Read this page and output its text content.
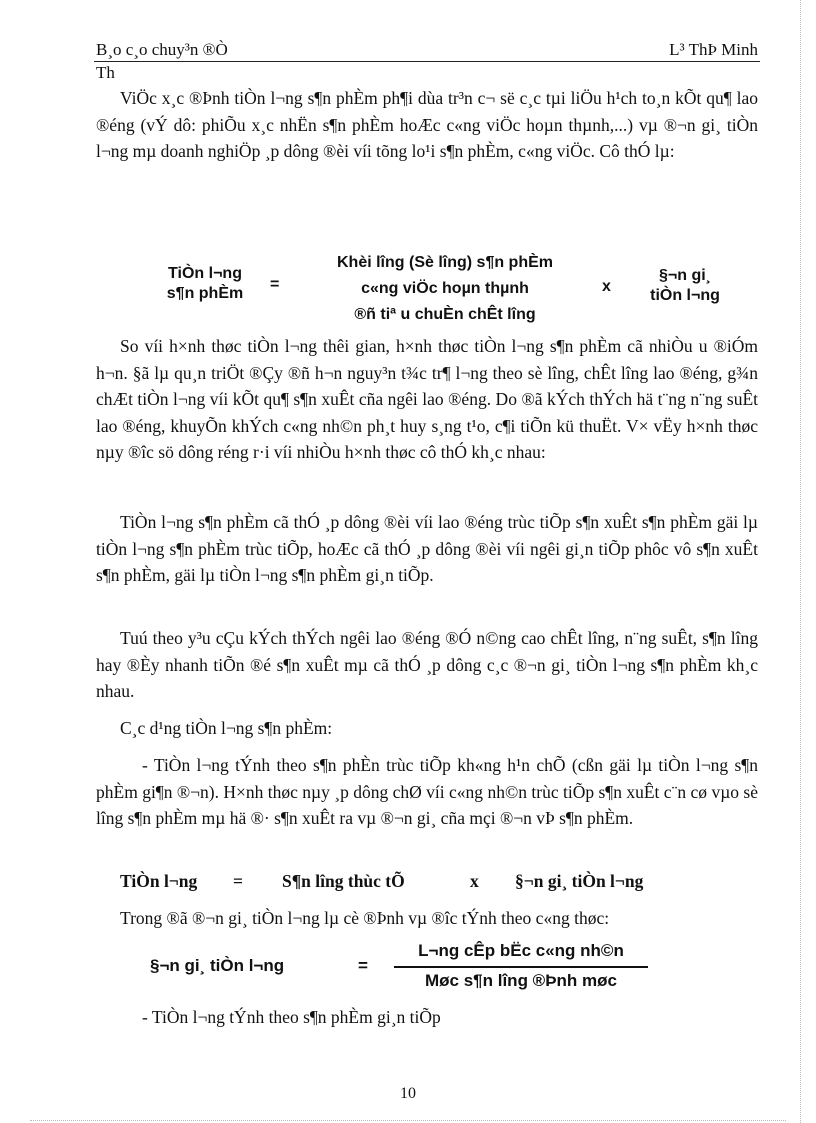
B¸o c¸o chuy³n ®Ò	L³ ThÞ Minh
Th
ViÖc x¸c ®Þnh tiÒn l¬ng s¶n phÈm ph¶i dùa tr³n c¬ së c¸c tµi liÖu h¹ch to¸n kÕt qu¶ lao ®éng (vÝ dô: phiÕu x¸c nhËn s¶n phÈm hoÆc c«ng viÖc hoµn thµnh,...) vµ ®¬n gi¸ tiÒn l¬ng mµ doanh nghiÖp ¸p dông ®èi víi tõng lo¹i s¶n phÈm, c«ng viÖc. Cô thÓ lµ:
TiÒn l¬ng
s¶n phÈm
=
Khèi lîng (Sè lîng) s¶n phÈm
c«ng viÖc hoµn thµnh
®ñ tiª u chuÈn chÊt lîng
x
§¬n gi¸
tiÒn l¬ng
So víi h×nh thøc tiÒn l¬ng thêi gian, h×nh thøc tiÒn l¬ng s¶n phÈm cã nhiÒu u ®iÓm h¬n. §ã lµ qu¸n triÖt ®Çy ®ñ h¬n nguy³n t¾c tr¶ l¬ng theo sè lîng, chÊt lîng lao ®éng, g¾n chÆt tiÒn l¬ng víi kÕt qu¶ s¶n xuÊt cña ngêi lao ®éng. Do ®ã kÝch thÝch hä t¨ng n¨ng suÊt lao ®éng, khuyÕn khÝch c«ng nh©n ph¸t huy s¸ng t¹o, c¶i tiÕn kü thuËt. V× vËy h×nh thøc nµy ®îc sö dông réng r·i víi nhiÒu h×nh thøc cô thÓ kh¸c nhau:
TiÒn l¬ng s¶n phÈm cã thÓ ¸p dông ®èi víi lao ®éng trùc tiÕp s¶n xuÊt s¶n phÈm gäi lµ tiÒn l¬ng s¶n phÈm trùc tiÕp, hoÆc cã thÓ ¸p dông ®èi víi ngêi gi¸n tiÕp phôc vô s¶n xuÊt s¶n phÈm, gäi lµ tiÒn l¬ng s¶n phÈm gi¸n tiÕp.
Tuú theo y³u cÇu kÝch thÝch ngêi lao ®éng ®Ó n©ng cao chÊt lîng, n¨ng suÊt, s¶n lîng hay ®Èy nhanh tiÕn ®é s¶n xuÊt mµ cã thÓ ¸p dông c¸c ®¬n gi¸ tiÒn l¬ng s¶n phÈm kh¸c nhau.
C¸c d¹ng tiÒn l¬ng s¶n phÈm:
- TiÒn l¬ng tÝnh theo s¶n phÈn trùc tiÕp kh«ng h¹n chÕ (cßn gäi lµ tiÒn l¬ng s¶n phÈm gi¶n ®¬n). H×nh thøc nµy ¸p dông chØ víi c«ng nh©n trùc tiÕp s¶n xuÊt c¨n cø vµo sè lîng s¶n phÈm mµ hä ®· s¶n xuÊt ra vµ ®¬n gi¸ cña mçi ®¬n vÞ s¶n phÈm.
TiÒn l¬ng = S¶n lîng thùc tÕ	x §¬n gi¸ tiÒn l¬ng
Trong ®ã ®¬n gi¸ tiÒn l¬ng lµ cè ®Þnh vµ ®îc tÝnh theo c«ng thøc:
§¬n gi¸ tiÒn l¬ng	=
L¬ng cÊp bËc c«ng nh©n
Møc s¶n lîng ®Þnh møc
- TiÒn l¬ng tÝnh theo s¶n phÈm gi¸n tiÕp
10
